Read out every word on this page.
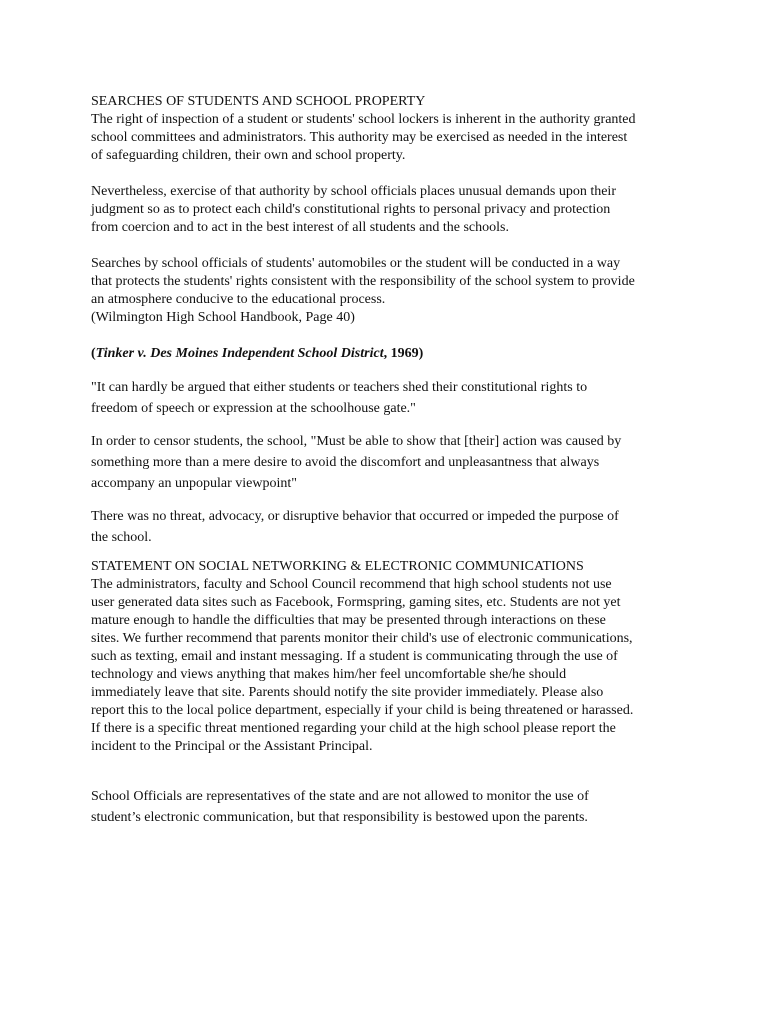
SEARCHES OF STUDENTS AND SCHOOL PROPERTY
The right of inspection of a student or students' school lockers is inherent in the authority granted
school committees and administrators. This authority may be exercised as needed in the interest
of safeguarding children, their own and school property.
Nevertheless, exercise of that authority by school officials places unusual demands upon their
judgment so as to protect each child's constitutional rights to personal privacy and protection
from coercion and to act in the best interest of all students and the schools.
Searches by school officials of students' automobiles or the student will be conducted in a way
that protects the students' rights consistent with the responsibility of the school system to provide
an atmosphere conducive to the educational process.
(Wilmington High School Handbook, Page 40)
(Tinker v. Des Moines Independent School District, 1969)
"It can hardly be argued that either students or teachers shed their constitutional rights to
freedom of speech or expression at the schoolhouse gate."
In order to censor students, the school, "Must be able to show that [their] action was caused by
something more than a mere desire to avoid the discomfort and unpleasantness that always
accompany an unpopular viewpoint"
There was no threat, advocacy, or disruptive behavior that occurred or impeded the purpose of
the school.
STATEMENT ON SOCIAL NETWORKING & ELECTRONIC COMMUNICATIONS
The administrators, faculty and School Council recommend that high school students not use
user generated data sites such as Facebook, Formspring, gaming sites, etc. Students are not yet
mature enough to handle the difficulties that may be presented through interactions on these
sites. We further recommend that parents monitor their child's use of electronic communications,
such as texting, email and instant messaging. If a student is communicating through the use of
technology and views anything that makes him/her feel uncomfortable she/he should
immediately leave that site. Parents should notify the site provider immediately. Please also
report this to the local police department, especially if your child is being threatened or harassed.
If there is a specific threat mentioned regarding your child at the high school please report the
incident to the Principal or the Assistant Principal.
School Officials are representatives of the state and are not allowed to monitor the use of
student’s electronic communication, but that responsibility is bestowed upon the parents.
